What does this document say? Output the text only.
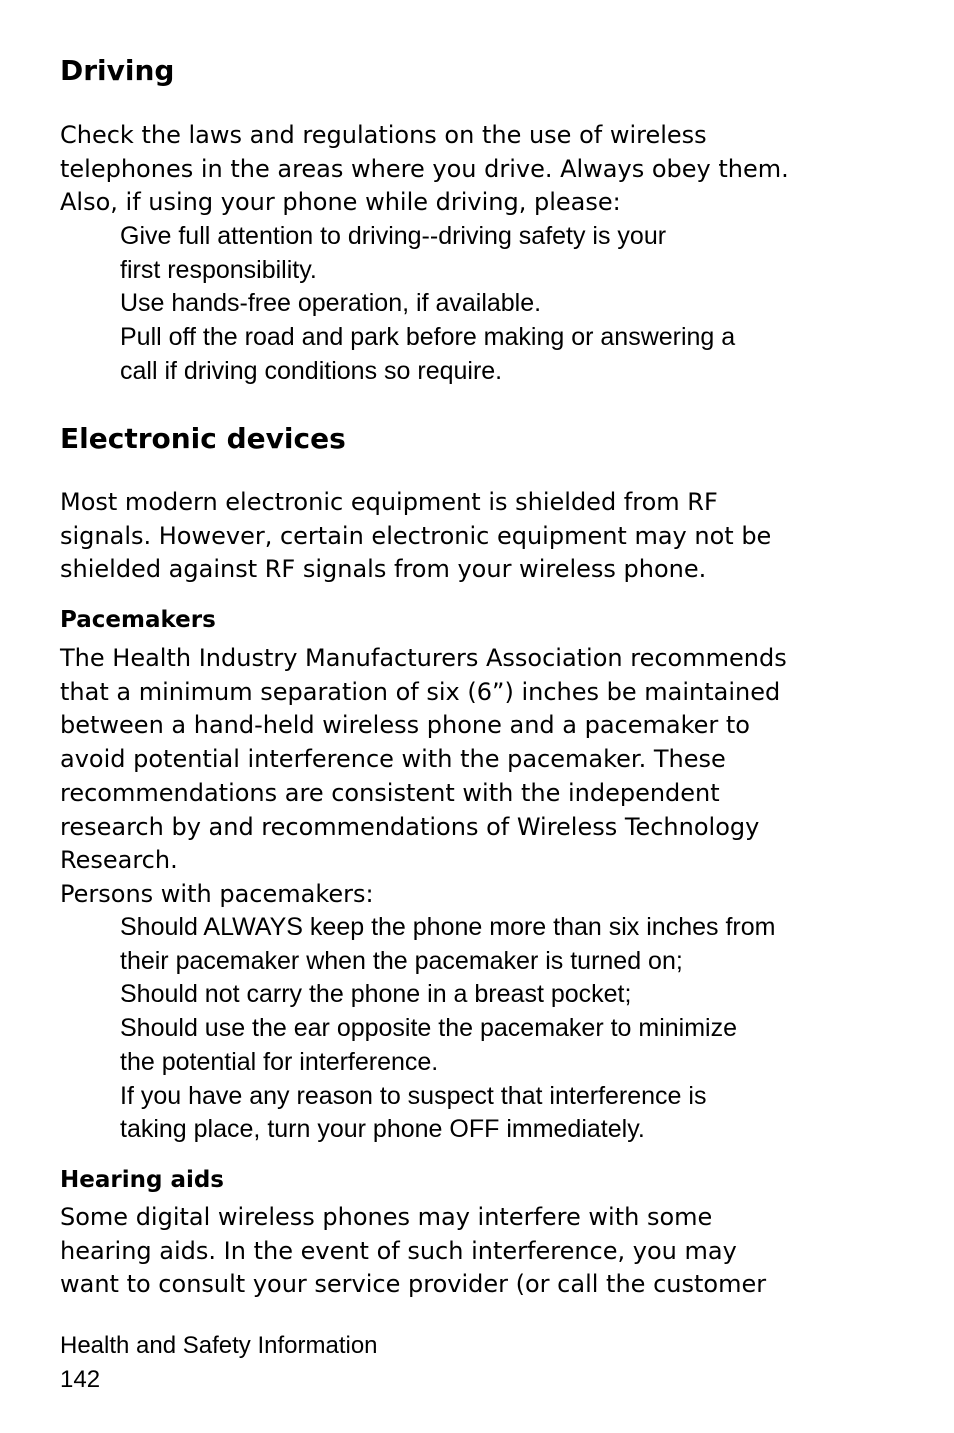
Driving

Check the laws and regulations on the use of wireless
telephones in the areas where you drive. Always obey them.
Also, if using your phone while driving, please:

Give full attention to driving--driving safety is your
first responsibility.
Use hands-free operation, if available.
Pull off the road and park before making or answering a
call if driving conditions so require.
Electronic devices

Most modern electronic equipment is shielded from RF
signals. However, certain electronic equipment may not be
shielded against RF signals from your wireless phone.

Pacemakers

The Health Industry Manufacturers Association recommends
that a minimum separation of six (6”) inches be maintained
between a hand-held wireless phone and a pacemaker to
avoid potential interference with the pacemaker. These
recommendations are consistent with the independent
research by and recommendations of Wireless Technology
Research.
Persons with pacemakers:

Should ALWAYS keep the phone more than six inches from
their pacemaker when the pacemaker is turned on;
Should not carry the phone in a breast pocket;
Should use the ear opposite the pacemaker to minimize
the potential for interference.
If you have any reason to suspect that interference is
taking place, turn your phone OFF immediately.
Hearing aids

Some digital wireless phones may interfere with some
hearing aids. In the event of such interference, you may
want to consult your service provider (or call the customer

Health and Safety Information
142
